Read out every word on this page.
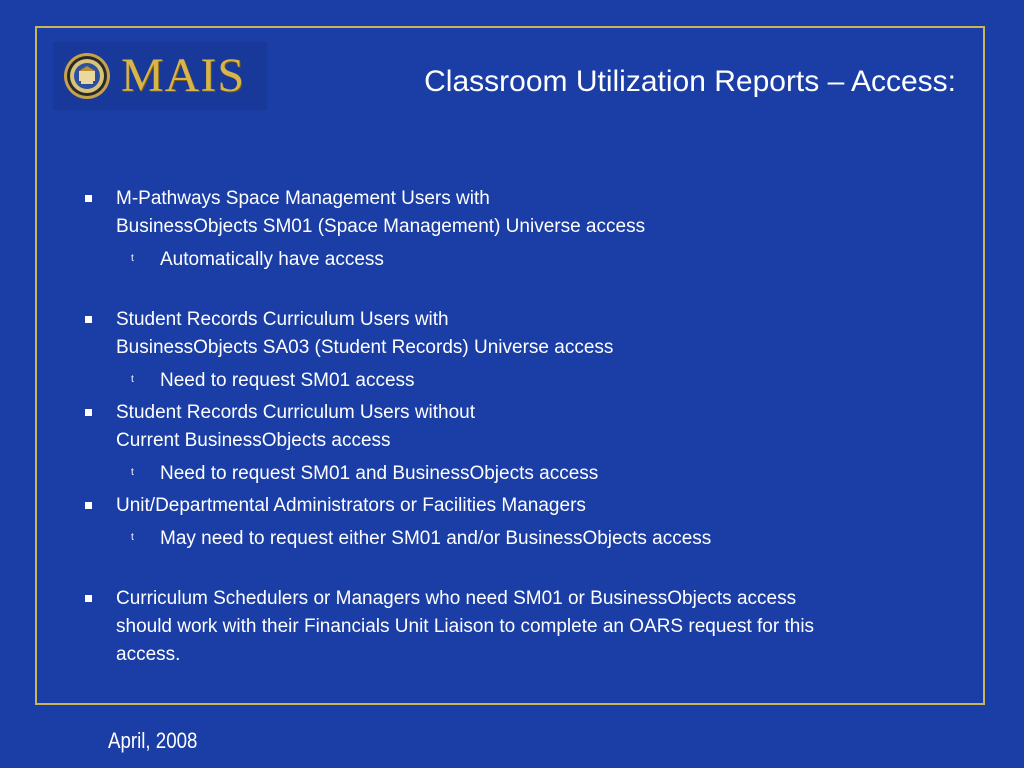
MAIS	Classroom Utilization Reports – Access:
M-Pathways Space Management Users with
BusinessObjects SM01 (Space Management) Universe access
t Automatically have access
Student Records Curriculum Users with
BusinessObjects SA03 (Student Records) Universe access
t Need to request SM01 access
Student Records Curriculum Users without
Current BusinessObjects access
t Need to request SM01 and BusinessObjects access
Unit/Departmental Administrators or Facilities Managers
t May need to request either SM01 and/or BusinessObjects access
Curriculum Schedulers or Managers who need SM01 or BusinessObjects access
should work with their Financials Unit Liaison to complete an OARS request for this
access.
April, 2008
